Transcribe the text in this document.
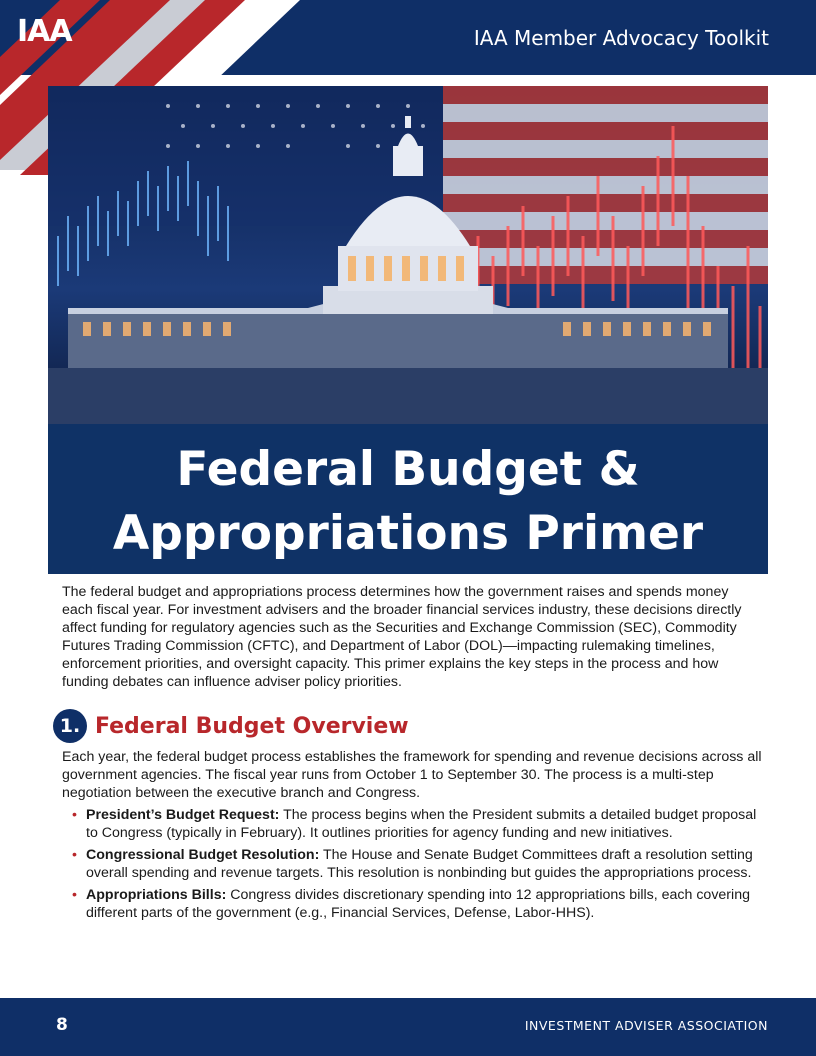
IAA	IAA Member Advocacy Toolkit
Federal Budget &
Appropriations Primer

The federal budget and appropriations process determines how the government raises and spends money each fiscal year. For investment advisers and the broader financial services industry, these decisions directly affect funding for regulatory agencies such as the Securities and Exchange Commission (SEC), Commodity Futures Trading Commission (CFTC), and Department of Labor (DOL)—impacting rulemaking timelines, enforcement priorities, and oversight capacity. This primer explains the key steps in the process and how funding debates can influence adviser policy priorities.

1. Federal Budget Overview

Each year, the federal budget process establishes the framework for spending and revenue decisions across all government agencies. The fiscal year runs from October 1 to September 30. The process is a multi-step negotiation between the executive branch and Congress.

• President’s Budget Request: The process begins when the President submits a detailed budget proposal to Congress (typically in February). It outlines priorities for agency funding and new initiatives.
• Congressional Budget Resolution: The House and Senate Budget Committees draft a resolution setting overall spending and revenue targets. This resolution is nonbinding but guides the appropriations process.
• Appropriations Bills: Congress divides discretionary spending into 12 appropriations bills, each covering different parts of the government (e.g., Financial Services, Defense, Labor-HHS).
8	INVESTMENT ADVISER ASSOCIATION
